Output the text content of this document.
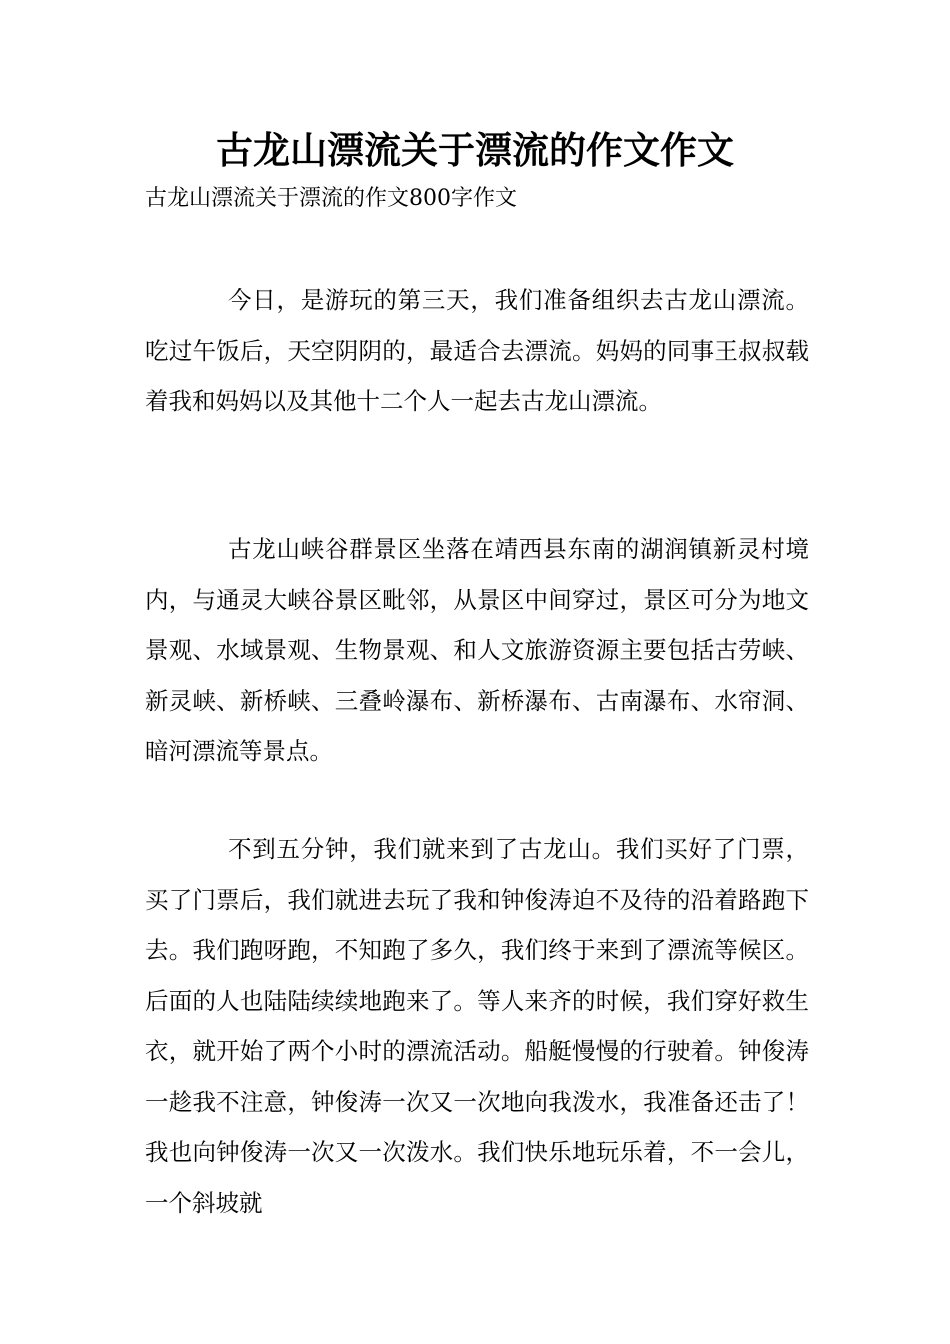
古龙山漂流关于漂流的作文作文

古龙山漂流关于漂流的作文800字作文

今日，是游玩的第三天，我们准备组织去古龙山漂流。吃过午饭后，天空阴阴的，最适合去漂流。妈妈的同事王叔叔载着我和妈妈以及其他十二个人一起去古龙山漂流。

古龙山峡谷群景区坐落在靖西县东南的湖润镇新灵村境内，与通灵大峡谷景区毗邻，从景区中间穿过，景区可分为地文景观、水域景观、生物景观、和人文旅游资源主要包括古劳峡、新灵峡、新桥峡、三叠岭瀑布、新桥瀑布、古南瀑布、水帘洞、暗河漂流等景点。

不到五分钟，我们就来到了古龙山。我们买好了门票，买了门票后，我们就进去玩了我和钟俊涛迫不及待的沿着路跑下去。我们跑呀跑，不知跑了多久，我们终于来到了漂流等候区。后面的人也陆陆续续地跑来了。等人来齐的时候，我们穿好救生衣，就开始了两个小时的漂流活动。船艇慢慢的行驶着。钟俊涛一趁我不注意，钟俊涛一次又一次地向我泼水，我准备还击了！我也向钟俊涛一次又一次泼水。我们快乐地玩乐着，不一会儿，一个斜坡就
